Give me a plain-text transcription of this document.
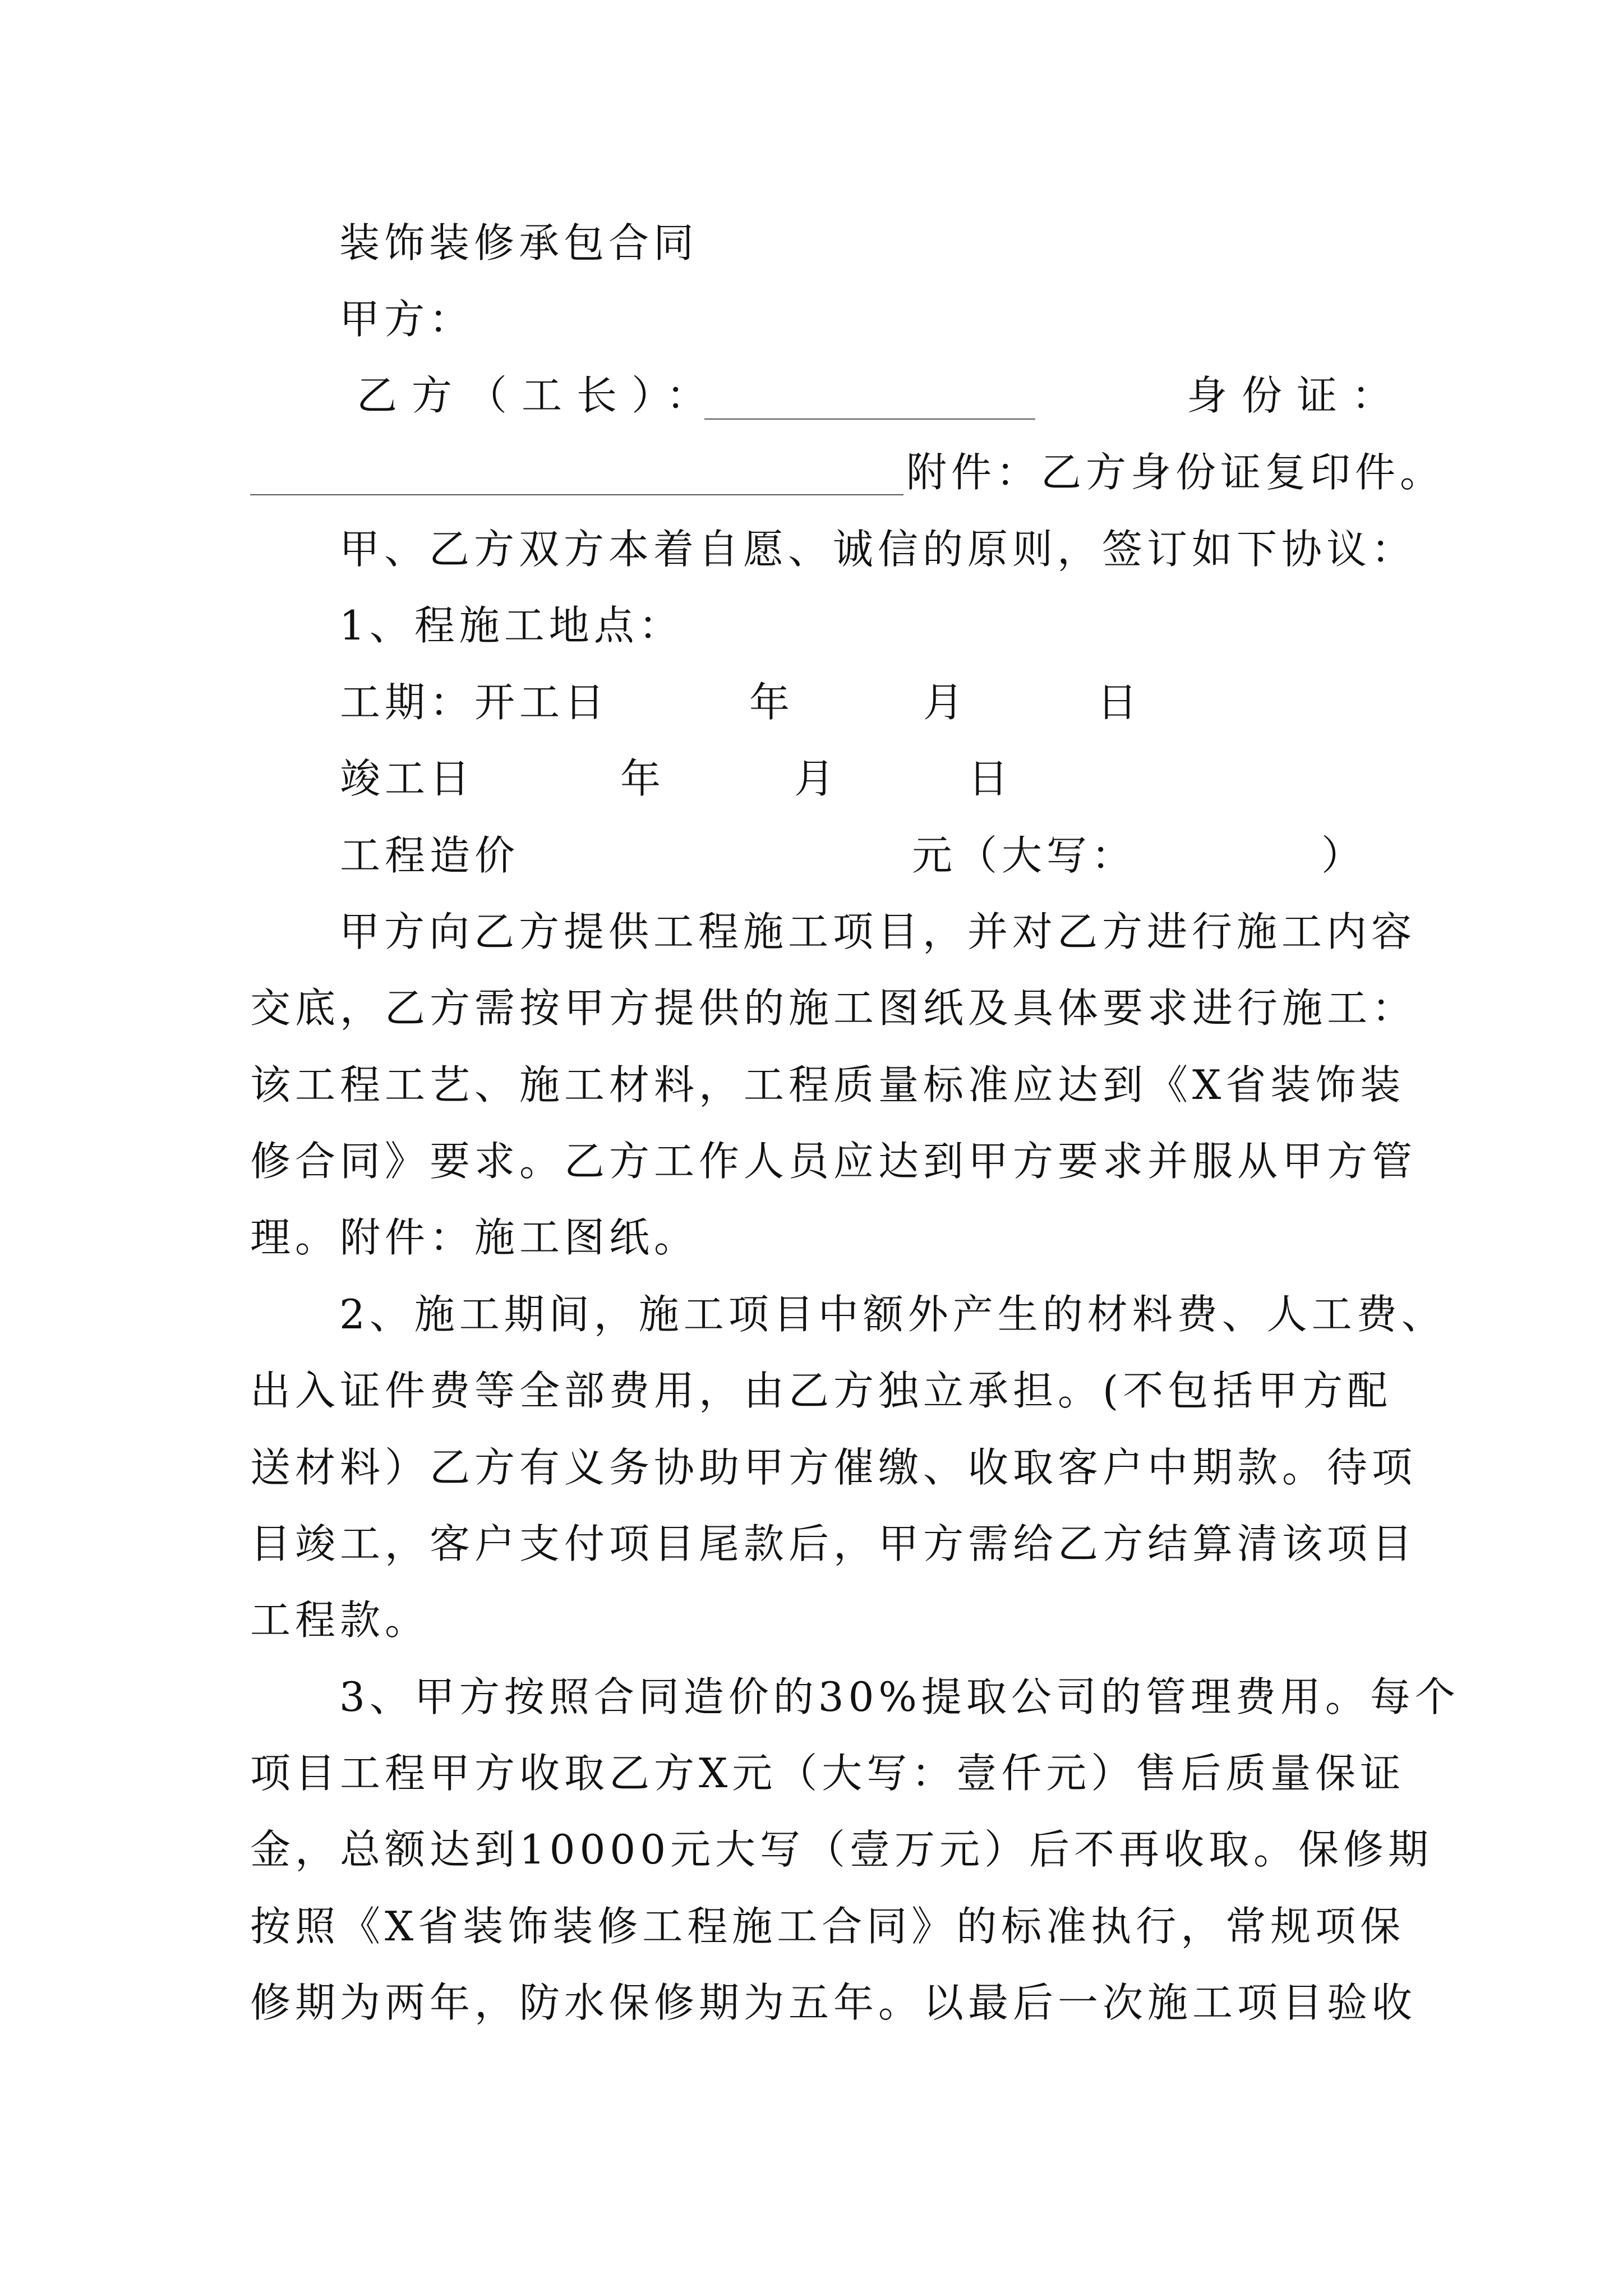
装饰装修承包合同
甲方：
乙方（工长）：	身份证：
附件：乙方身份证复印件。
甲、乙方双方本着自愿、诚信的原则，签订如下协议：
1、程施工地点：
工期：开工日	年	月	日
竣工日	年	月	日
工程造价	元（大写：	）
甲方向乙方提供工程施工项目，并对乙方进行施工内容
交底，乙方需按甲方提供的施工图纸及具体要求进行施工：
该工程工艺、施工材料，工程质量标准应达到《X省装饰装
修合同》要求。乙方工作人员应达到甲方要求并服从甲方管
理。附件：施工图纸。
2、施工期间，施工项目中额外产生的材料费、人工费、
出入证件费等全部费用，由乙方独立承担。(不包括甲方配
送材料）乙方有义务协助甲方催缴、收取客户中期款。待项
目竣工，客户支付项目尾款后，甲方需给乙方结算清该项目
工程款。
3、甲方按照合同造价的30%提取公司的管理费用。每个
项目工程甲方收取乙方X元（大写：壹仟元）售后质量保证
金，总额达到10000元大写（壹万元）后不再收取。保修期
按照《X省装饰装修工程施工合同》的标准执行，常规项保
修期为两年，防水保修期为五年。以最后一次施工项目验收
